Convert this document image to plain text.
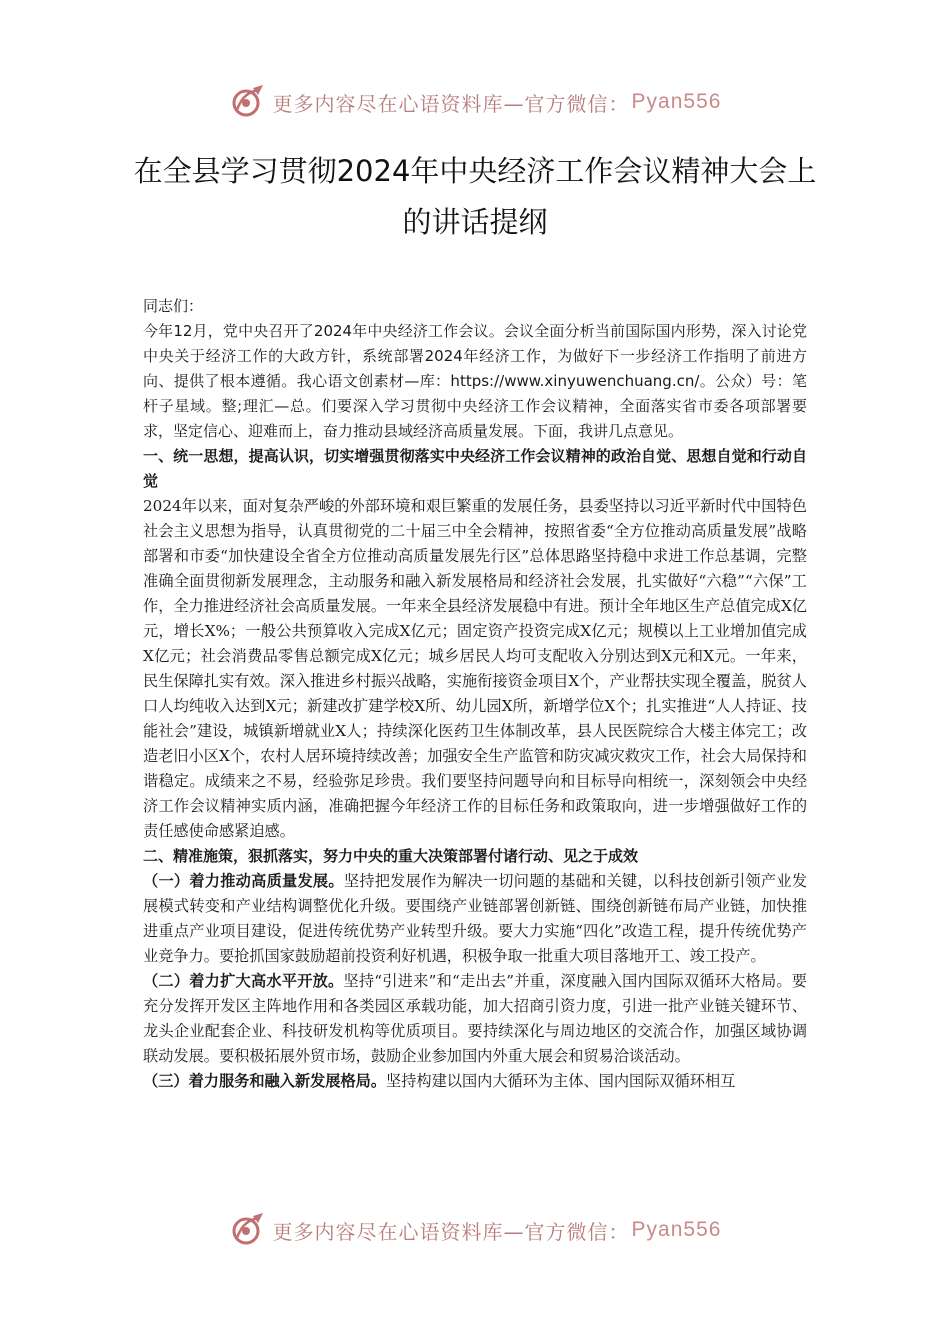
更多内容尽在心语资料库—官方微信： Pyan556
在全县学习贯彻2024年中央经济工作会议精神大会上的讲话提纲

同志们：

今年12月，党中央召开了2024年中央经济工作会议。会议全面分析当前国际国内形势，深入讨论党中央关于经济工作的大政方针，系统部署2024年经济工作，为做好下一步经济工作指明了前进方向、提供了根本遵循。我心语文创素材—库：https://www.xinyuwenchuang.cn/。公众）号：笔杆子星域。整;理汇—总。们要深入学习贯彻中央经济工作会议精神，全面落实省市委各项部署要求，坚定信心、迎难而上，奋力推动县域经济高质量发展。下面，我讲几点意见。

一、统一思想，提高认识，切实增强贯彻落实中央经济工作会议精神的政治自觉、思想自觉和行动自觉

2024年以来，面对复杂严峻的外部环境和艰巨繁重的发展任务，县委坚持以习近平新时代中国特色社会主义思想为指导，认真贯彻党的二十届三中全会精神，按照省委“全方位推动高质量发展”战略部署和市委“加快建设全省全方位推动高质量发展先行区”总体思路坚持稳中求进工作总基调，完整准确全面贯彻新发展理念，主动服务和融入新发展格局和经济社会发展，扎实做好“六稳”“六保”工作，全力推进经济社会高质量发展。一年来全县经济发展稳中有进。预计全年地区生产总值完成X亿元，增长X%；一般公共预算收入完成X亿元；固定资产投资完成X亿元；规模以上工业增加值完成X亿元；社会消费品零售总额完成X亿元；城乡居民人均可支配收入分别达到X元和X元。一年来，民生保障扎实有效。深入推进乡村振兴战略，实施衔接资金项目X个，产业帮扶实现全覆盖，脱贫人口人均纯收入达到X元；新建改扩建学校X所、幼儿园X所，新增学位X个；扎实推进“人人持证、技能社会”建设，城镇新增就业X人；持续深化医药卫生体制改革，县人民医院综合大楼主体完工；改造老旧小区X个，农村人居环境持续改善；加强安全生产监管和防灾减灾救灾工作，社会大局保持和谐稳定。成绩来之不易，经验弥足珍贵。我们要坚持问题导向和目标导向相统一，深刻领会中央经济工作会议精神实质内涵，准确把握今年经济工作的目标任务和政策取向，进一步增强做好工作的责任感使命感紧迫感。

二、精准施策，狠抓落实，努力中央的重大决策部署付诸行动、见之于成效

（一）着力推动高质量发展。坚持把发展作为解决一切问题的基础和关键，以科技创新引领产业发展模式转变和产业结构调整优化升级。要围绕产业链部署创新链、围绕创新链布局产业链，加快推进重点产业项目建设，促进传统优势产业转型升级。要大力实施“四化”改造工程，提升传统优势产业竞争力。要抢抓国家鼓励超前投资利好机遇，积极争取一批重大项目落地开工、竣工投产。

（二）着力扩大高水平开放。坚持“引进来”和“走出去”并重，深度融入国内国际双循环大格局。要充分发挥开发区主阵地作用和各类园区承载功能，加大招商引资力度，引进一批产业链关键环节、龙头企业配套企业、科技研发机构等优质项目。要持续深化与周边地区的交流合作，加强区域协调联动发展。要积极拓展外贸市场，鼓励企业参加国内外重大展会和贸易洽谈活动。

（三）着力服务和融入新发展格局。坚持构建以国内大循环为主体、国内国际双循环相互

更多内容尽在心语资料库—官方微信： Pyan556
